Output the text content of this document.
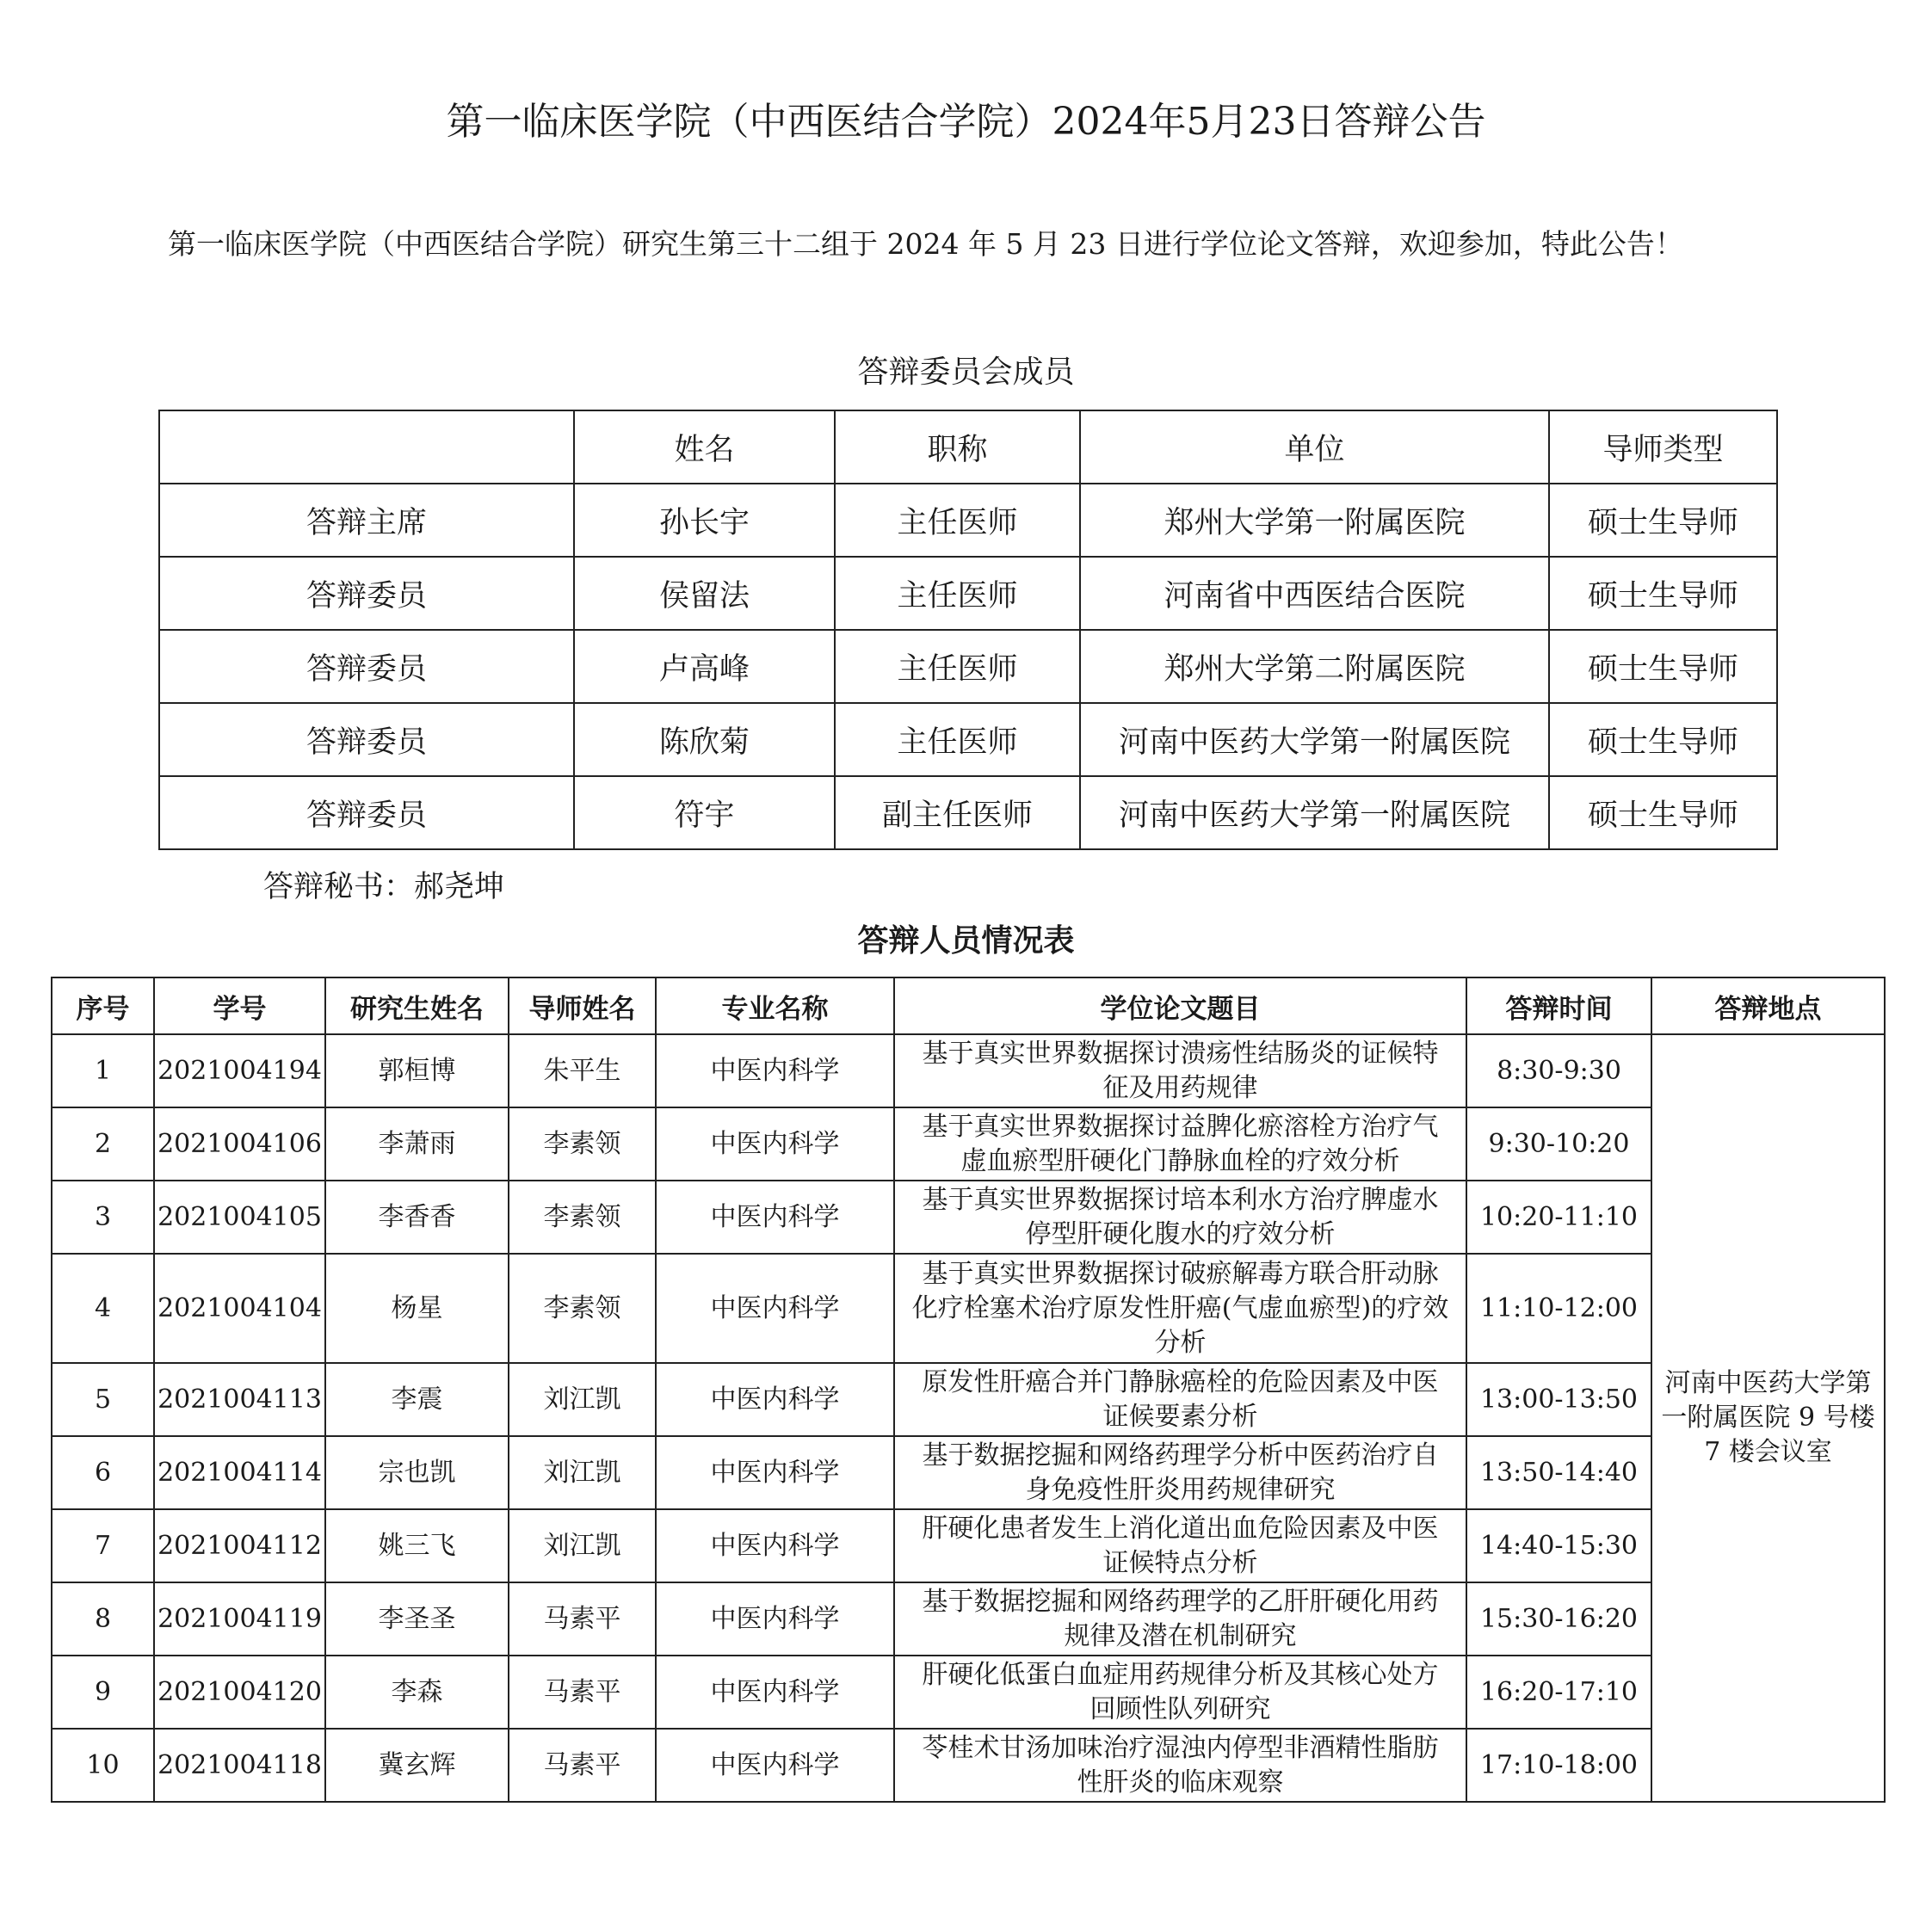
第一临床医学院（中西医结合学院）2024年5月23日答辩公告
第一临床医学院（中西医结合学院）研究生第三十二组于 2024 年 5 月 23 日进行学位论文答辩，欢迎参加，特此公告！
答辩委员会成员
	姓名	职称	单位	导师类型
答辩主席	孙长宇	主任医师	郑州大学第一附属医院	硕士生导师
答辩委员	侯留法	主任医师	河南省中西医结合医院	硕士生导师
答辩委员	卢高峰	主任医师	郑州大学第二附属医院	硕士生导师
答辩委员	陈欣菊	主任医师	河南中医药大学第一附属医院	硕士生导师
答辩委员	符宇	副主任医师	河南中医药大学第一附属医院	硕士生导师
答辩秘书：郝尧坤
答辩人员情况表
序号	学号	研究生姓名	导师姓名	专业名称	学位论文题目	答辩时间	答辩地点
1	2021004194	郭桓博	朱平生	中医内科学	基于真实世界数据探讨溃疡性结肠炎的证候特征及用药规律	8:30-9:30	河南中医药大学第一附属医院 9 号楼 7 楼会议室
2	2021004106	李萧雨	李素领	中医内科学	基于真实世界数据探讨益脾化瘀溶栓方治疗气虚血瘀型肝硬化门静脉血栓的疗效分析	9:30-10:20	
3	2021004105	李香香	李素领	中医内科学	基于真实世界数据探讨培本利水方治疗脾虚水停型肝硬化腹水的疗效分析	10:20-11:10	
4	2021004104	杨星	李素领	中医内科学	基于真实世界数据探讨破瘀解毒方联合肝动脉化疗栓塞术治疗原发性肝癌(气虚血瘀型)的疗效分析	11:10-12:00	
5	2021004113	李震	刘江凯	中医内科学	原发性肝癌合并门静脉癌栓的危险因素及中医证候要素分析	13:00-13:50	
6	2021004114	宗也凯	刘江凯	中医内科学	基于数据挖掘和网络药理学分析中医药治疗自身免疫性肝炎用药规律研究	13:50-14:40	
7	2021004112	姚三飞	刘江凯	中医内科学	肝硬化患者发生上消化道出血危险因素及中医证候特点分析	14:40-15:30	
8	2021004119	李圣圣	马素平	中医内科学	基于数据挖掘和网络药理学的乙肝肝硬化用药规律及潜在机制研究	15:30-16:20	
9	2021004120	李森	马素平	中医内科学	肝硬化低蛋白血症用药规律分析及其核心处方回顾性队列研究	16:20-17:10	
10	2021004118	冀玄辉	马素平	中医内科学	苓桂术甘汤加味治疗湿浊内停型非酒精性脂肪性肝炎的临床观察	17:10-18:00	
